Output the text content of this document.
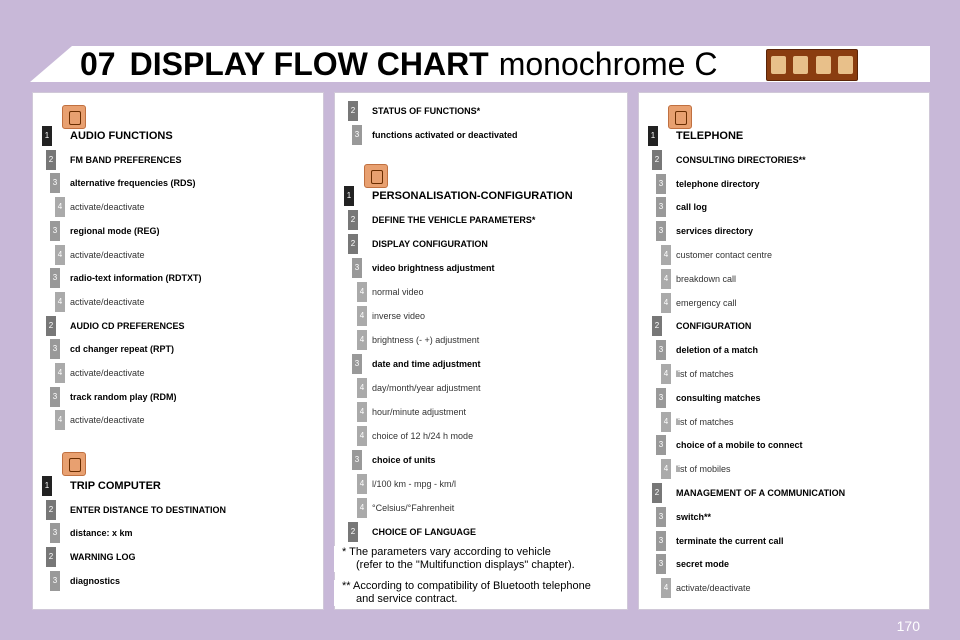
07 DISPLAY FLOW CHART monochrome C
* The parameters vary according to vehicle
(refer to the "Multifunction displays" chapter).
** According to compatibility of Bluetooth telephone
and service contract.
170
1 AUDIO FUNCTIONS
2	FM BAND PREFERENCES
3	alternative frequencies (RDS)
4 activate/deactivate
3	regional mode (REG)
4 activate/deactivate
3	radio-text information (RDTXT)
4 activate/deactivate
2	AUDIO CD PREFERENCES
3	cd changer repeat (RPT)
4 activate/deactivate
3	track random play (RDM)
4 activate/deactivate
1 TRIP COMPUTER
2	ENTER DISTANCE TO DESTINATION
3	distance: x km
2	WARNING LOG
3	diagnostics
2	STATUS OF FUNCTIONS*
3	functions activated or deactivated
1 PERSONALISATION-CONFIGURATION
2	DEFINE THE VEHICLE PARAMETERS*
2	DISPLAY CONFIGURATION
3	video brightness adjustment
4 normal video
4 inverse video
4 brightness (- +) adjustment
3	date and time adjustment
4 day/month/year adjustment
4 hour/minute adjustment
4 choice of 12 h/24 h mode
3	choice of units
4 l/100 km - mpg - km/l
4 °Celsius/°Fahrenheit
2	CHOICE OF LANGUAGE
1 TELEPHONE
2	CONSULTING DIRECTORIES**
3	telephone directory
3	call log
3	services directory
4 customer contact centre
4 breakdown call
4 emergency call
2	CONFIGURATION
3	deletion of a match
4 list of matches
3	consulting matches
4 list of matches
3	choice of a mobile to connect
4 list of mobiles
2	MANAGEMENT OF A COMMUNICATION
3	switch**
3	terminate the current call
3	secret mode
4 activate/deactivate
